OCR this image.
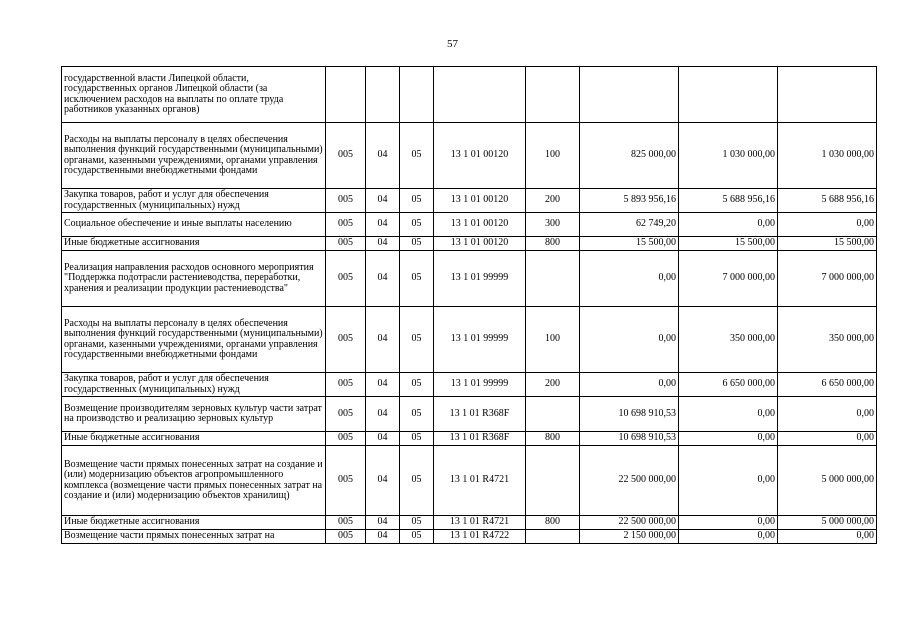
57
государственной власти Липецкой области, государственных органов Липецкой области (за исключением расходов на выплаты по оплате труда работников указанных органов)								
Расходы на выплаты персоналу в целях обеспечения выполнения функций государственными (муниципальными) органами, казенными учреждениями, органами управления государственными внебюджетными фондами	005	04	05	13 1 01 00120	100	825 000,00	1 030 000,00	1 030 000,00
Закупка товаров, работ и услуг для обеспечения государственных (муниципальных) нужд	005	04	05	13 1 01 00120	200	5 893 956,16	5 688 956,16	5 688 956,16
Социальное обеспечение и иные выплаты населению	005	04	05	13 1 01 00120	300	62 749,20	0,00	0,00
Иные бюджетные ассигнования	005	04	05	13 1 01 00120	800	15 500,00	15 500,00	15 500,00
Реализация направления расходов основного мероприятия "Поддержка подотрасли растениеводства, переработки, хранения и реализации продукции растениеводства"	005	04	05	13 1 01 99999		0,00	7 000 000,00	7 000 000,00
Расходы на выплаты персоналу в целях обеспечения выполнения функций государственными (муниципальными) органами, казенными учреждениями, органами управления государственными внебюджетными фондами	005	04	05	13 1 01 99999	100	0,00	350 000,00	350 000,00
Закупка товаров, работ и услуг для обеспечения государственных (муниципальных) нужд	005	04	05	13 1 01 99999	200	0,00	6 650 000,00	6 650 000,00
Возмещение производителям зерновых культур части затрат на производство и реализацию зерновых культур	005	04	05	13 1 01 R368F		10 698 910,53	0,00	0,00
Иные бюджетные ассигнования	005	04	05	13 1 01 R368F	800	10 698 910,53	0,00	0,00
Возмещение части прямых понесенных затрат на создание и (или) модернизацию объектов агропромышленного комплекса (возмещение части прямых понесенных затрат на создание и (или) модернизацию объектов хранилищ)	005	04	05	13 1 01 R4721		22 500 000,00	0,00	5 000 000,00
Иные бюджетные ассигнования	005	04	05	13 1 01 R4721	800	22 500 000,00	0,00	5 000 000,00
Возмещение части прямых понесенных затрат на	005	04	05	13 1 01 R4722		2 150 000,00	0,00	0,00
